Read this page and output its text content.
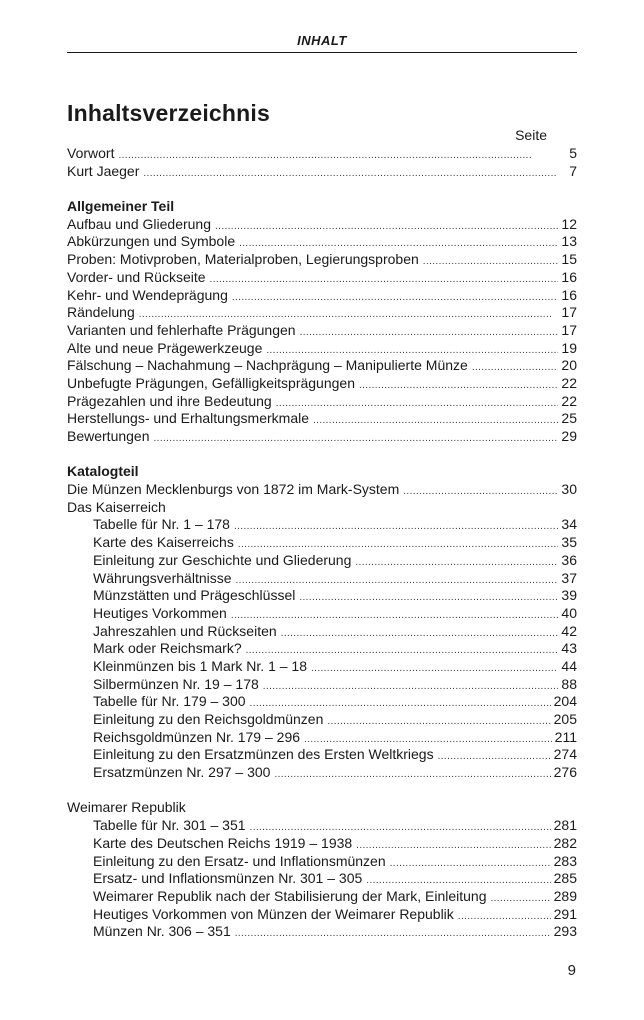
INHALT
Inhaltsverzeichnis
Seite
Vorwort . . .	5
Kurt Jaeger . . .	7
Allgemeiner Teil
Aufbau und Gliederung . . .	12
Abkürzungen und Symbole . . .	13
Proben: Motivproben, Materialproben, Legierungsproben . . .	15
Vorder- und Rückseite . . .	16
Kehr- und Wendeprägung . . .	16
Rändelung . . .	17
Varianten und fehlerhafte Prägungen . . .	17
Alte und neue Prägewerkzeuge . . .	19
Fälschung – Nachahmung – Nachprägung – Manipulierte Münze . . .	20
Unbefugte Prägungen, Gefälligkeitsprägungen . . .	22
Prägezahlen und ihre Bedeutung . . .	22
Herstellungs- und Erhaltungsmerkmale . . .	25
Bewertungen . . .	29
Katalogteil
Die Münzen Mecklenburgs von 1872 im Mark-System . . .	30
Das Kaiserreich
Tabelle für Nr. 1 – 178 . . .	34
Karte des Kaiserreichs . . .	35
Einleitung zur Geschichte und Gliederung . . .	36
Währungsverhältnisse . . .	37
Münzstätten und Prägeschlüssel . . .	39
Heutiges Vorkommen . . .	40
Jahreszahlen und Rückseiten . . .	42
Mark oder Reichsmark? . . .	43
Kleinmünzen bis 1 Mark Nr. 1 – 18 . . .	44
Silbermünzen Nr. 19 – 178 . . .	88
Tabelle für Nr. 179 – 300 . . .	204
Einleitung zu den Reichsgoldmünzen . . .	205
Reichsgoldmünzen Nr. 179 – 296 . . .	211
Einleitung zu den Ersatzmünzen des Ersten Weltkriegs . . .	274
Ersatzmünzen Nr. 297 – 300 . . .	276
Weimarer Republik
Tabelle für Nr. 301 – 351 . . .	281
Karte des Deutschen Reichs 1919 – 1938 . . .	282
Einleitung zu den Ersatz- und Inflationsmünzen . . .	283
Ersatz- und Inflationsmünzen Nr. 301 – 305 . . .	285
Weimarer Republik nach der Stabilisierung der Mark, Einleitung . . .	289
Heutiges Vorkommen von Münzen der Weimarer Republik . . .	291
Münzen Nr. 306 – 351 . . .	293
9
